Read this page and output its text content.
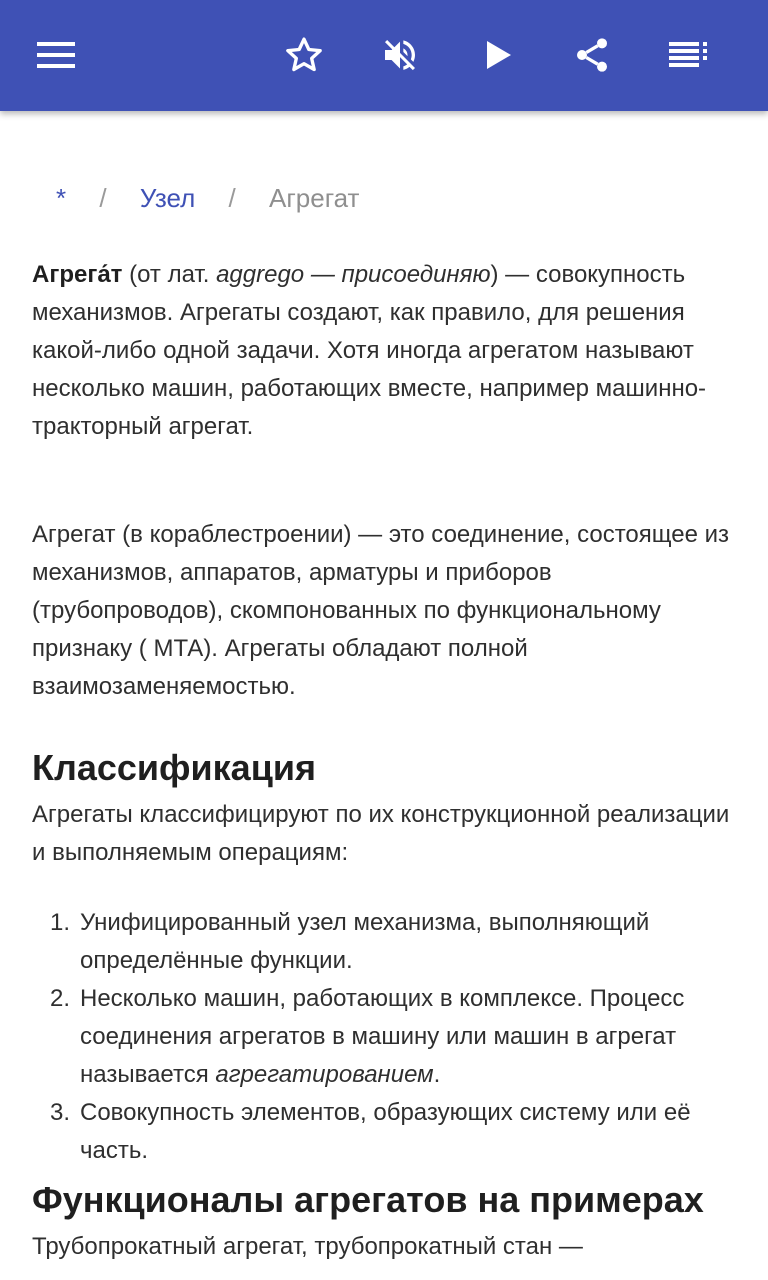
* / Узел / Агрегат

Агрега́т (от лат. aggrego — присоединяю) — совокупность механизмов. Агрегаты создают, как правило, для решения какой-либо одной задачи. Хотя иногда агрегатом называют несколько машин, работающих вместе, например машинно-тракторный агрегат.

Агрегат (в кораблестроении) — это соединение, состоящее из механизмов, аппаратов, арматуры и приборов (трубопроводов), скомпонованных по функциональному признаку ( МТА). Агрегаты обладают полной взаимозаменяемостью.

Классификация

Агрегаты классифицируют по их конструкционной реализации и выполняемым операциям:

1. Унифицированный узел механизма, выполняющий определённые функции.
2. Несколько машин, работающих в комплексе. Процесс соединения агрегатов в машину или машин в агрегат называется агрегатированием.
3. Совокупность элементов, образующих систему или её часть.
Функционалы агрегатов на примерах

Трубопрокатный агрегат, трубопрокатный стан —
